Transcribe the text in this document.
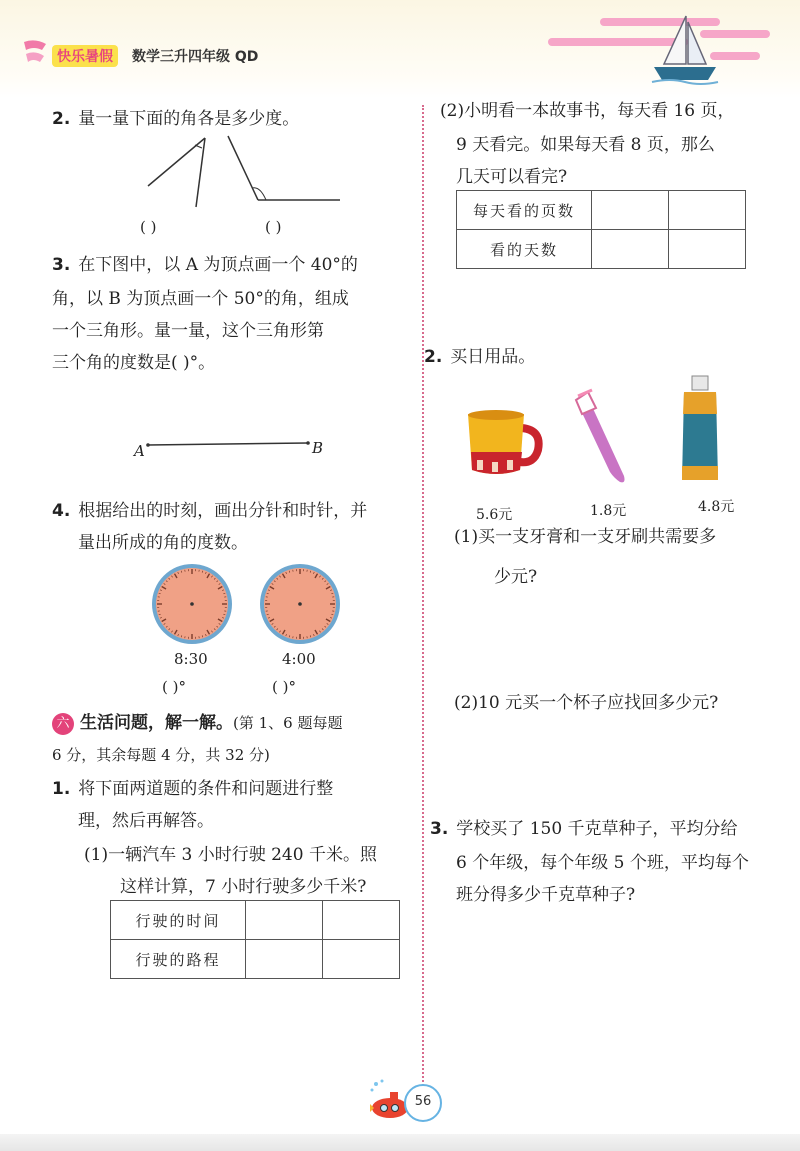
快乐暑假	数学三升四年级 QD
2. 量一量下面的角各是多少度。
( )	( )
3. 在下图中，以 A 为顶点画一个 40°的
角，以 B 为顶点画一个 50°的角，组成
一个三角形。量一量，这个三角形第
三个角的度数是( )°。
A	B
4. 根据给出的时刻，画出分针和时针，并
量出所成的角的度数。
8:30	4:00
( )°	( )°
六 生活问题，解一解。(第 1、6 题每题
6 分，其余每题 4 分，共 32 分)
1. 将下面两道题的条件和问题进行整
理，然后再解答。
(1)一辆汽车 3 小时行驶 240 千米。照
这样计算，7 小时行驶多少千米?
行驶的时间		
行驶的路程		
(2)小明看一本故事书，每天看 16 页，
9 天看完。如果每天看 8 页，那么
几天可以看完?
每天看的页数		
看的天数		
2. 买日用品。
5.6元	1.8元	4.8元
(1)买一支牙膏和一支牙刷共需要多
少元?
(2)10 元买一个杯子应找回多少元?
3. 学校买了 150 千克草种子，平均分给
6 个年级，每个年级 5 个班，平均每个
班分得多少千克草种子?
56
